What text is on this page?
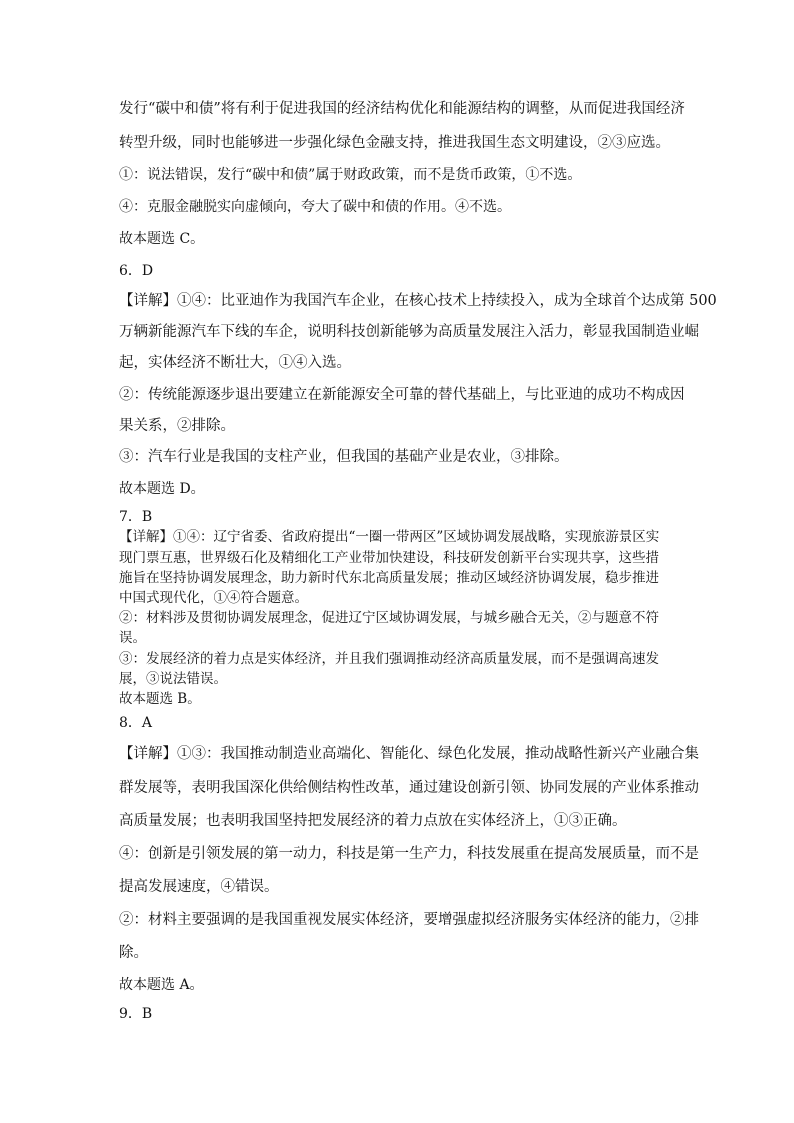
发行“碳中和债”将有利于促进我国的经济结构优化和能源结构的调整，从而促进我国经济
转型升级，同时也能够进一步强化绿色金融支持，推进我国生态文明建设，②③应选。
①：说法错误，发行“碳中和债”属于财政政策，而不是货币政策，①不选。
④：克服金融脱实向虚倾向，夸大了碳中和债的作用。④不选。
故本题选 C。
6．D
【详解】①④：比亚迪作为我国汽车企业，在核心技术上持续投入，成为全球首个达成第 500
万辆新能源汽车下线的车企，说明科技创新能够为高质量发展注入活力，彰显我国制造业崛
起，实体经济不断壮大，①④入选。
②：传统能源逐步退出要建立在新能源安全可靠的替代基础上，与比亚迪的成功不构成因
果关系，②排除。
③：汽车行业是我国的支柱产业，但我国的基础产业是农业，③排除。
故本题选 D。
7．B
【详解】①④：辽宁省委、省政府提出“一圈一带两区”区域协调发展战略，实现旅游景区实
现门票互惠，世界级石化及精细化工产业带加快建设，科技研发创新平台实现共享，这些措
施旨在坚持协调发展理念，助力新时代东北高质量发展；推动区域经济协调发展，稳步推进
中国式现代化，①④符合题意。
②：材料涉及贯彻协调发展理念，促进辽宁区域协调发展，与城乡融合无关，②与题意不符
误。
③：发展经济的着力点是实体经济，并且我们强调推动经济高质量发展，而不是强调高速发
展，③说法错误。
故本题选 B。
8．A
【详解】①③：我国推动制造业高端化、智能化、绿色化发展，推动战略性新兴产业融合集
群发展等，表明我国深化供给侧结构性改革，通过建设创新引领、协同发展的产业体系推动
高质量发展；也表明我国坚持把发展经济的着力点放在实体经济上，①③正确。
④：创新是引领发展的第一动力，科技是第一生产力，科技发展重在提高发展质量，而不是
提高发展速度，④错误。
②：材料主要强调的是我国重视发展实体经济，要增强虚拟经济服务实体经济的能力，②排
除。
故本题选 A。
9．B
